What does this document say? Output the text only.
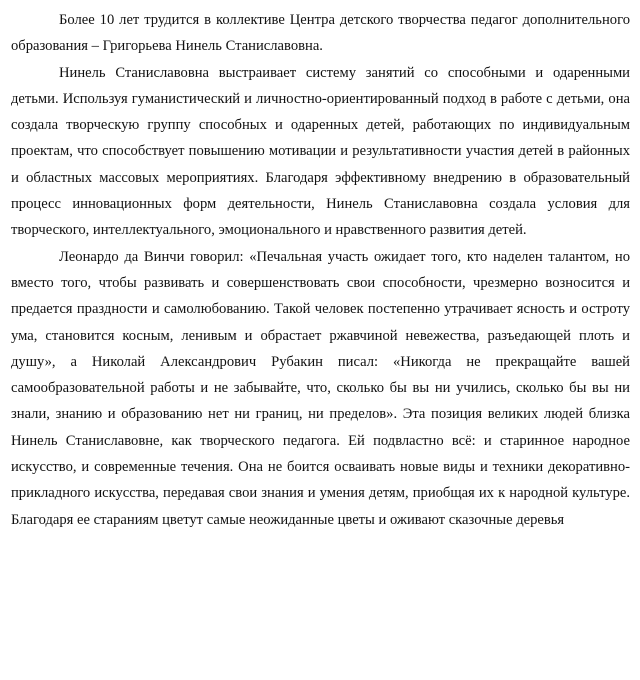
Более 10 лет трудится в коллективе Центра детского творчества педагог дополнительного образования – Григорьева Нинель Станиславовна.

Нинель Станиславовна выстраивает систему занятий со способными и одаренными детьми. Используя гуманистический и личностно-ориентированный подход в работе с детьми, она создала творческую группу способных и одаренных детей, работающих по индивидуальным проектам, что способствует повышению мотивации и результативности участия детей в районных и областных массовых мероприятиях. Благодаря эффективному внедрению в образовательный процесс инновационных форм деятельности, Нинель Станиславовна создала условия для творческого, интеллектуального, эмоционального и нравственного развития детей.

Леонардо да Винчи говорил: «Печальная участь ожидает того, кто наделен талантом, но вместо того, чтобы развивать и совершенствовать свои способности, чрезмерно возносится и предается праздности и самолюбованию. Такой человек постепенно утрачивает ясность и остроту ума, становится косным, ленивым и обрастает ржавчиной невежества, разъедающей плоть и душу», а Николай Александрович Рубакин писал: «Никогда не прекращайте вашей самообразовательной работы и не забывайте, что, сколько бы вы ни учились, сколько бы вы ни знали, знанию и образованию нет ни границ, ни пределов». Эта позиция великих людей близка Нинель Станиславовне, как творческого педагога. Ей подвластно всё: и старинное народное искусство, и современные течения. Она не боится осваивать новые виды и техники декоративно-прикладного искусства, передавая свои знания и умения детям, приобщая их к народной культуре. Благодаря ее стараниям цветут самые неожиданные цветы и оживают сказочные деревья
